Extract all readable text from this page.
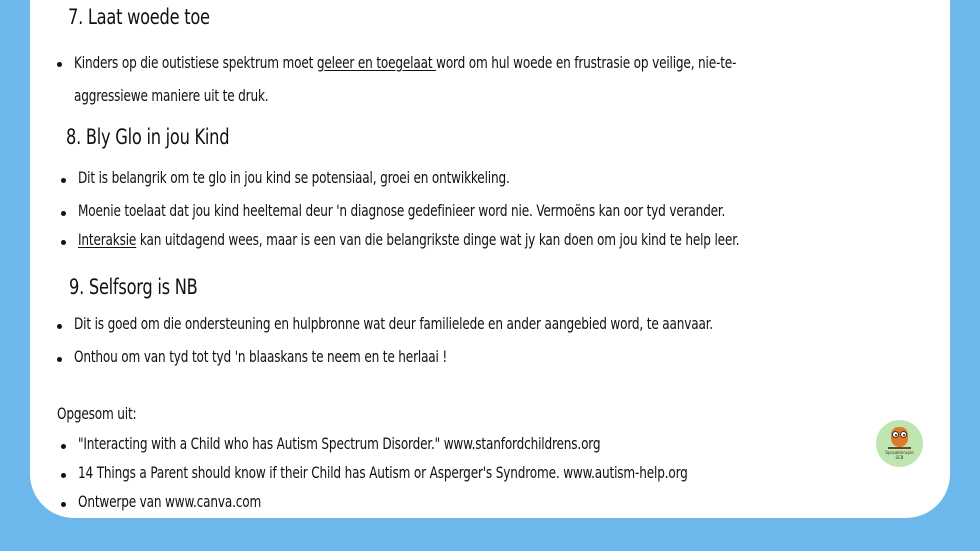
7. Laat woede toe
Kinders op die outistiese spektrum moet geleer en toegelaat word om hul woede en frustrasie op veilige, nie-te-
aggressiewe maniere uit te druk.
8. Bly Glo in jou Kind
Dit is belangrik om te glo in jou kind se potensiaal, groei en ontwikkeling.
Moenie toelaat dat jou kind heeltemal deur 'n diagnose gedefinieer word nie. Vermoëns kan oor tyd verander.
Interaksie kan uitdagend wees, maar is een van die belangrikste dinge wat jy kan doen om jou kind te help leer.
9. Selfsorg is NB
Dit is goed om die ondersteuning en hulpbronne wat deur familielede en ander aangebied word, te aanvaar.
Onthou om van tyd tot tyd 'n blaaskans te neem en te herlaai !
Opgesom uit:
"Interacting with a Child who has Autism Spectrum Disorder." www.stanfordchildrens.org
14 Things a Parent should know if their Child has Autism or Asperger's Syndrome. www.autism-help.org
Ontwerpe van www.canva.com
Spraakterapie
SCB
